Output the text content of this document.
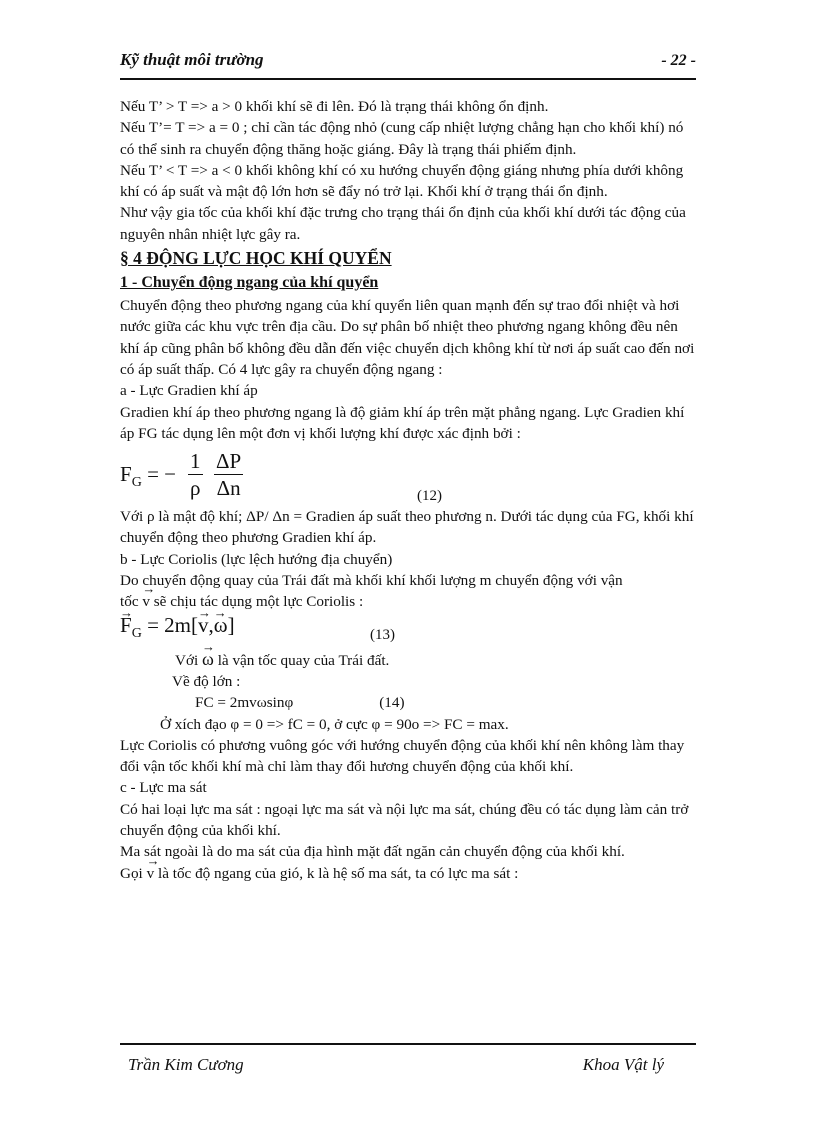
Kỹ thuật môi trường	- 22 -

Nếu T’ > T => a > 0 khối khí sẽ đi lên. Đó là trạng thái không ổn định.

Nếu T’= T => a = 0 ; chỉ cần tác động nhỏ (cung cấp nhiệt lượng chẳng hạn cho khối khí) nó có thể sinh ra chuyển động thăng hoặc giáng. Đây là trạng thái phiếm định.

Nếu T’ < T => a < 0 khối không khí có xu hướng chuyển động giáng nhưng phía dưới không khí có áp suất và mật độ lớn hơn sẽ đẩy nó trở lại. Khối khí ở trạng thái ổn định.

Như vậy gia tốc của khối khí đặc trưng cho trạng thái ổn định của khối khí dưới tác động của nguyên nhân nhiệt lực gây ra.

§ 4 ĐỘNG LỰC HỌC KHÍ QUYỂN

1 - Chuyển động ngang của khí quyển

Chuyển động theo phương ngang của khí quyển liên quan mạnh đến sự trao đổi nhiệt và hơi nước giữa các khu vực trên địa cầu. Do sự phân bố nhiệt theo phương ngang không đều nên khí áp cũng phân bố không đều dẫn đến việc chuyển dịch không khí từ nơi áp suất cao đến nơi có áp suất thấp. Có 4 lực gây ra chuyển động ngang :

a - Lực Gradien khí áp

Gradien khí áp theo phương ngang là độ giảm khí áp trên mặt phẳng ngang. Lực Gradien khí áp FG tác dụng lên một đơn vị khối lượng khí được xác định bởi :

$F_G$ = − $\frac{1}{\rho} \frac{\Delta P}{\Delta n}$	(12)

Với ρ là mật độ khí; ΔP/ Δn = Gradien áp suất theo phương n. Dưới tác dụng của FG, khối khí chuyển động theo phương Gradien khí áp.

b - Lực Coriolis (lực lệch hướng địa chuyển)

Do chuyển động quay của Trái đất mà khối khí khối lượng m chuyển động với vận

tốc → v sẽ chịu tác dụng một lực Coriolis :

→ $F_G = 2m[\to v,\to \omega]$	(13)

Với → ω là vận tốc quay của Trái đất.

Về độ lớn :

FC = 2mvωsinφ	(14)

Ở xích đạo φ = 0 => fC = 0, ở cực φ = 90o => FC = max.

Lực Coriolis có phương vuông góc với hướng chuyển động của khối khí nên không làm thay đổi vận tốc khối khí mà chỉ làm thay đổi hương chuyển động của khối khí.

c - Lực ma sát

Có hai loại lực ma sát : ngoại lực ma sát và nội lực ma sát, chúng đều có tác dụng làm cản trở chuyển động của khối khí.

Ma sát ngoài là do ma sát của địa hình mặt đất ngăn cản chuyển động của khối khí.

Gọi → v là tốc độ ngang của gió, k là hệ số ma sát, ta có lực ma sát :

Trần Kim Cương	Khoa Vật lý
